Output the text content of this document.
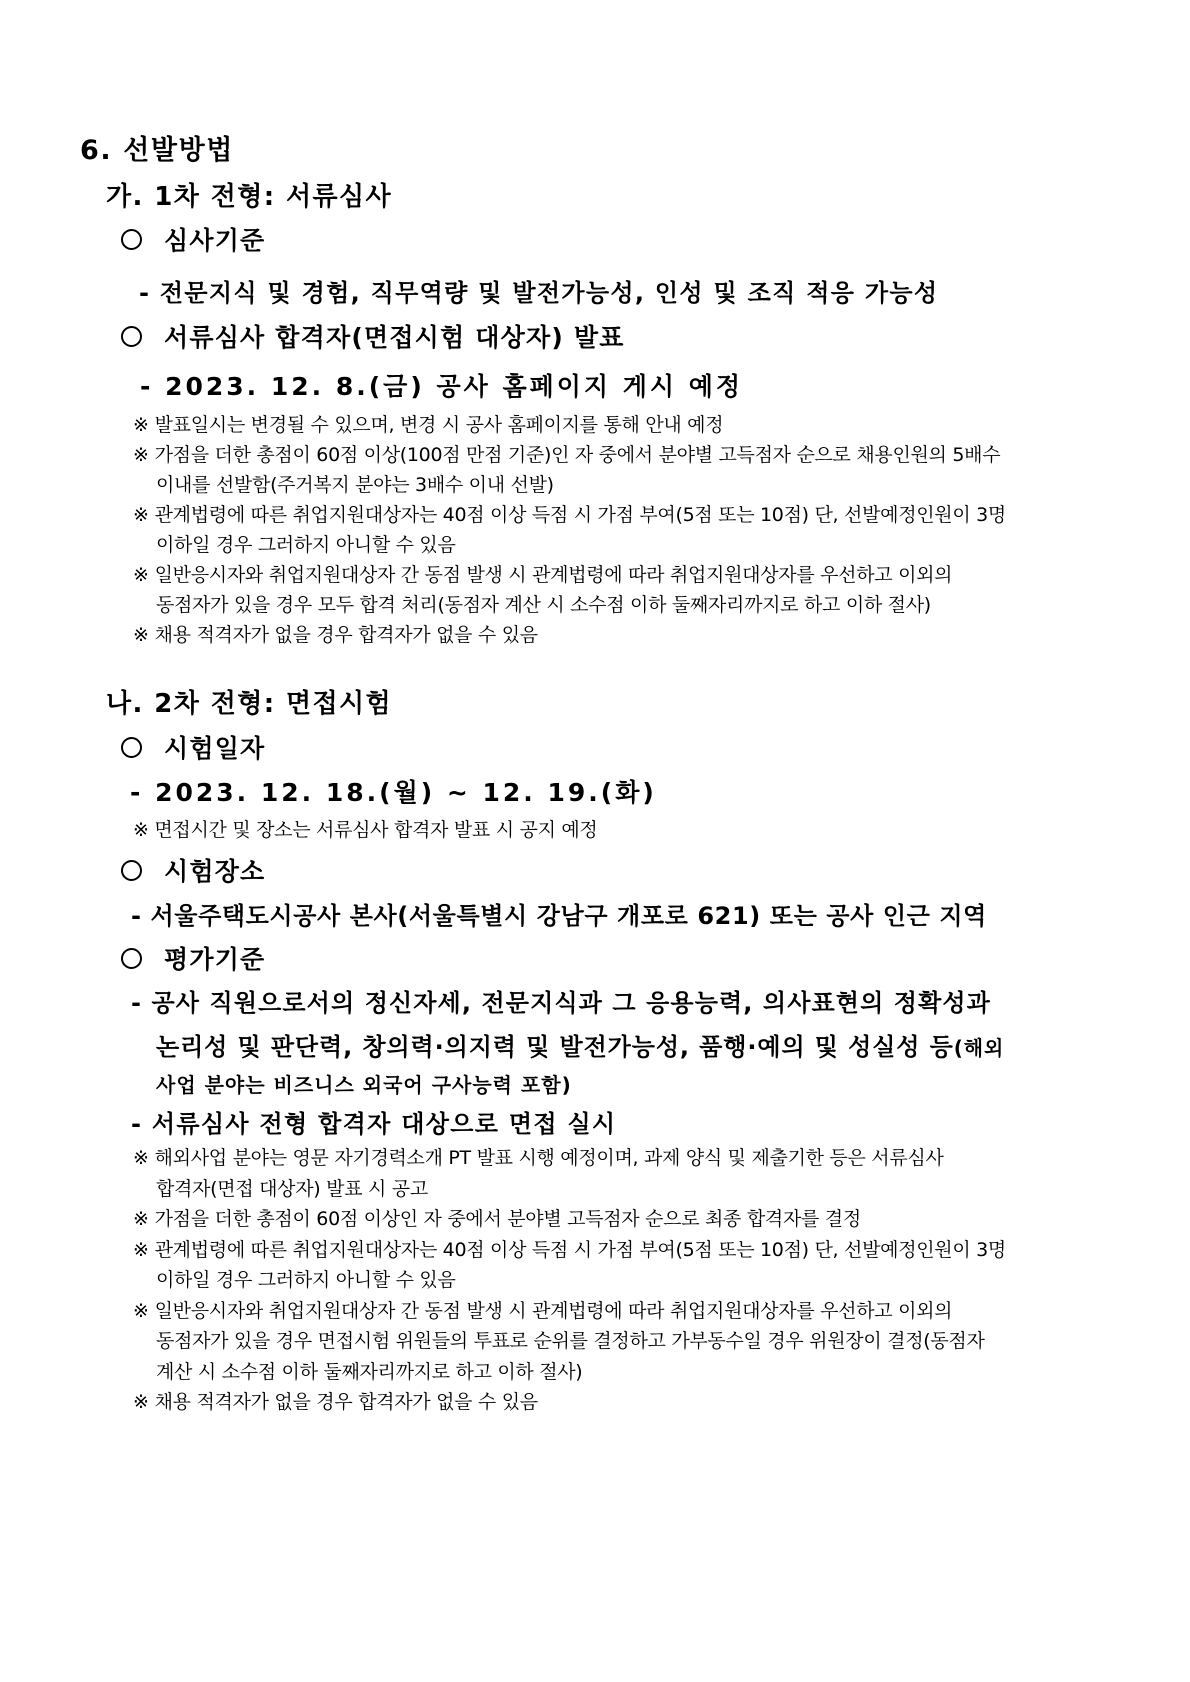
6. 선발방법
가. 1차 전형: 서류심사
심사기준
- 전문지식 및 경험, 직무역량 및 발전가능성, 인성 및 조직 적응 가능성
서류심사 합격자(면접시험 대상자) 발표
- 2023. 12. 8.(금) 공사 홈페이지 게시 예정
※ 발표일시는 변경될 수 있으며, 변경 시 공사 홈페이지를 통해 안내 예정
※ 가점을 더한 총점이 60점 이상(100점 만점 기준)인 자 중에서 분야별 고득점자 순으로 채용인원의 5배수
이내를 선발함(주거복지 분야는 3배수 이내 선발)
※ 관계법령에 따른 취업지원대상자는 40점 이상 득점 시 가점 부여(5점 또는 10점) 단, 선발예정인원이 3명
이하일 경우 그러하지 아니할 수 있음
※ 일반응시자와 취업지원대상자 간 동점 발생 시 관계법령에 따라 취업지원대상자를 우선하고 이외의
동점자가 있을 경우 모두 합격 처리(동점자 계산 시 소수점 이하 둘째자리까지로 하고 이하 절사)
※ 채용 적격자가 없을 경우 합격자가 없을 수 있음
나. 2차 전형: 면접시험
시험일자
- 2023. 12. 18.(월) ~ 12. 19.(화)
※ 면접시간 및 장소는 서류심사 합격자 발표 시 공지 예정
시험장소
- 서울주택도시공사 본사(서울특별시 강남구 개포로 621) 또는 공사 인근 지역
평가기준
- 공사 직원으로서의 정신자세, 전문지식과 그 응용능력, 의사표현의 정확성과
논리성 및 판단력, 창의력·의지력 및 발전가능성, 품행·예의 및 성실성 등(해외
사업 분야는 비즈니스 외국어 구사능력 포함)
- 서류심사 전형 합격자 대상으로 면접 실시
※ 해외사업 분야는 영문 자기경력소개 PT 발표 시행 예정이며, 과제 양식 및 제출기한 등은 서류심사
합격자(면접 대상자) 발표 시 공고
※ 가점을 더한 총점이 60점 이상인 자 중에서 분야별 고득점자 순으로 최종 합격자를 결정
※ 관계법령에 따른 취업지원대상자는 40점 이상 득점 시 가점 부여(5점 또는 10점) 단, 선발예정인원이 3명
이하일 경우 그러하지 아니할 수 있음
※ 일반응시자와 취업지원대상자 간 동점 발생 시 관계법령에 따라 취업지원대상자를 우선하고 이외의
동점자가 있을 경우 면접시험 위원들의 투표로 순위를 결정하고 가부동수일 경우 위원장이 결정(동점자
계산 시 소수점 이하 둘째자리까지로 하고 이하 절사)
※ 채용 적격자가 없을 경우 합격자가 없을 수 있음
